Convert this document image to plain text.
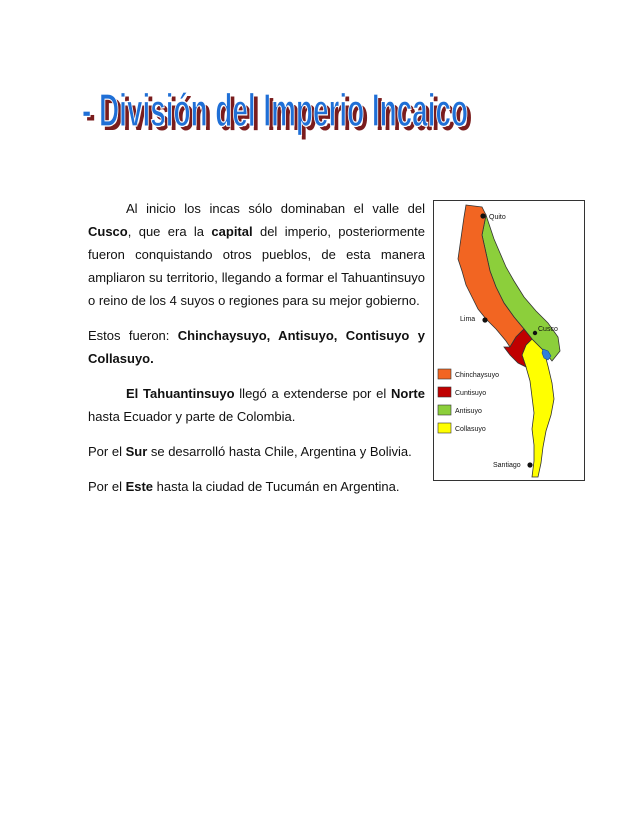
- División del Imperio Incaico
- División del Imperio Incaico

Al inicio los incas sólo dominaban el valle del Cusco, que era la capital del imperio, posteriormente fueron conquistando otros pueblos, de esta manera ampliaron su territorio, llegando a formar el Tahuantinsuyo o reino de los 4 suyos o regiones para su mejor gobierno.

Estos fueron: Chinchaysuyo, Antisuyo, Contisuyo y Collasuyo.

El Tahuantinsuyo llegó a extenderse por el Norte hasta Ecuador y parte de Colombia.

Por el Sur se desarrolló hasta Chile, Argentina y Bolivia.

Por el Este hasta la ciudad de Tucumán en Argentina.

Quito
Lima
Cusco
Santiago
Chinchaysuyo
Cuntisuyo
Antisuyo
Collasuyo
